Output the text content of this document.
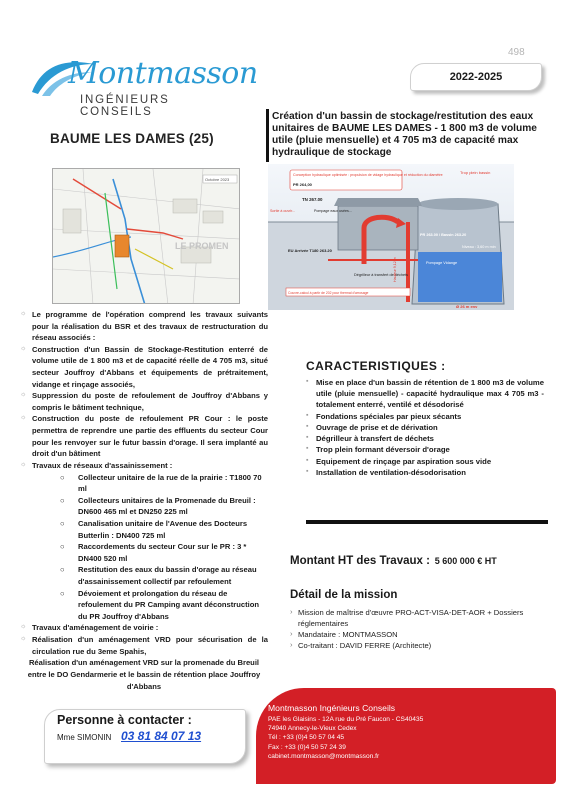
498
Montmasson
INGÉNIEURS CONSEILS
2022-2025
BAUME LES DAMES (25)
Création d'un bassin de stockage/restitution des eaux unitaires de BAUME LES DAMES - 1 800 m3 de volume utile (pluie mensuelle) et 4 705 m3 de capacité max hydraulique de stockage
Octobre 2023
LE PROMEN
Conception hydraulique optimisée : propulsion de vidage hydraulique et réduction du diamètre
PR 264,00
TN 267.00
Trop plein bassin
Sortie à ouvrir...	Pompage eaux usées...
PR 263.00 / Bassin 263.20
EU Arrivée T180 263.20
Dégrilleur à transfert de déchets
Pompage Vidange
Niveau : 3,60 m min
Couvre-calcul à partir de 202 pour thermal d'arrosage
Ø 26 m env
Hauteur 9,12 m
☼ Le programme de l'opération comprend les travaux suivants pour la réalisation du BSR et des travaux de restructuration du réseau associés :
☼ Construction d'un Bassin de Stockage-Restitution enterré de volume utile de 1 800 m3 et de capacité réelle de 4 705 m3, situé secteur Jouffroy d'Abbans et équipements de prétraitement, vidange et rinçage associés,
☼ Suppression du poste de refoulement de Jouffroy d'Abbans y compris le bâtiment technique,
☼ Construction du poste de refoulement PR Cour : le poste permettra de reprendre une partie des effluents du secteur Cour pour les renvoyer sur le futur bassin d'orage. Il sera implanté au droit d'un bâtiment
☼ Travaux de réseaux d'assainissement :
○ Collecteur unitaire de la rue de la prairie : T1800 70 ml
○ Collecteurs unitaires de la Promenade du Breuil : DN600 465 ml et DN250 225 ml
○ Canalisation unitaire de l'Avenue des Docteurs Butterlin : DN400 725 ml
○ Raccordements du secteur Cour sur le PR : 3 * DN400 520 ml
○ Restitution des eaux du bassin d'orage au réseau d'assainissement collectif par refoulement
○ Dévoiement et prolongation du réseau de refoulement du PR Camping avant déconstruction du PR Jouffroy d'Abbans
☼ Travaux d'aménagement de voirie :
☼ Réalisation d'un aménagement VRD pour sécurisation de la circulation rue du 3eme Spahis,
Réalisation d'un aménagement VRD sur la promenade du Breuil entre le DO Gendarmerie et le bassin de rétention place Jouffroy d'Abbans
Personne à contacter :
Mme SIMONIN 03 81 84 07 13
CARACTERISTIQUES :
▪ Mise en place d'un bassin de rétention de 1 800 m3 de volume utile (pluie mensuelle) - capacité hydraulique max 4 705 m3 - totalement enterré, ventilé et désodorisé
▪ Fondations spéciales par pieux sécants
▪ Ouvrage de prise et de dérivation
▪ Dégrilleur à transfert de déchets
▪ Trop plein formant déversoir d'orage
▪ Equipement de rinçage par aspiration sous vide
▪ Installation de ventilation-désodorisation
Montant HT des Travaux : 5 600 000 € HT
Détail de la mission
› Mission de maîtrise d'œuvre PRO-ACT-VISA-DET-AOR + Dossiers réglementaires
› Mandataire : MONTMASSON
› Co-traitant : DAVID FERRE (Architecte)
Montmasson Ingénieurs Conseils
PAE les Glaisins - 12A rue du Pré Faucon - CS40435
74940 Annecy-le-Vieux Cedex
Tél : +33 (0)4 50 57 04 45
Fax : +33 (0)4 50 57 24 39
cabinet.montmasson@montmasson.fr
